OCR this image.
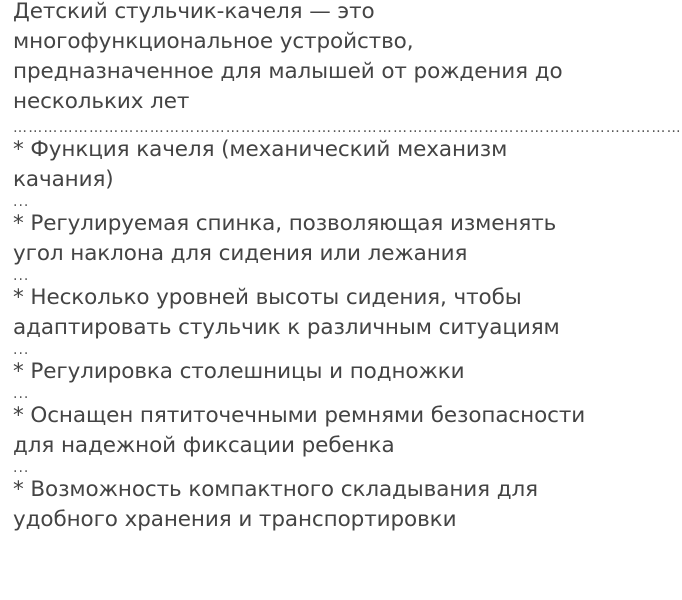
Детский стульчик-качеля — это
многофункциональное устройство,
предназначенное для малышей от рождения до
нескольких лет

……………………………………………………………………………………………………………………
* Функция качеля (механический механизм качания)
...
* Регулируемая спинка, позволяющая изменять угол наклона для сидения или лежания
...
* Несколько уровней высоты сидения, чтобы адаптировать стульчик к различным ситуациям
...
* Регулировка столешницы и подножки
...
* Оснащен пятиточечными ремнями безопасности для надежной фиксации ребенка
...
* Возможность компактного складывания для удобного хранения и транспортировки
